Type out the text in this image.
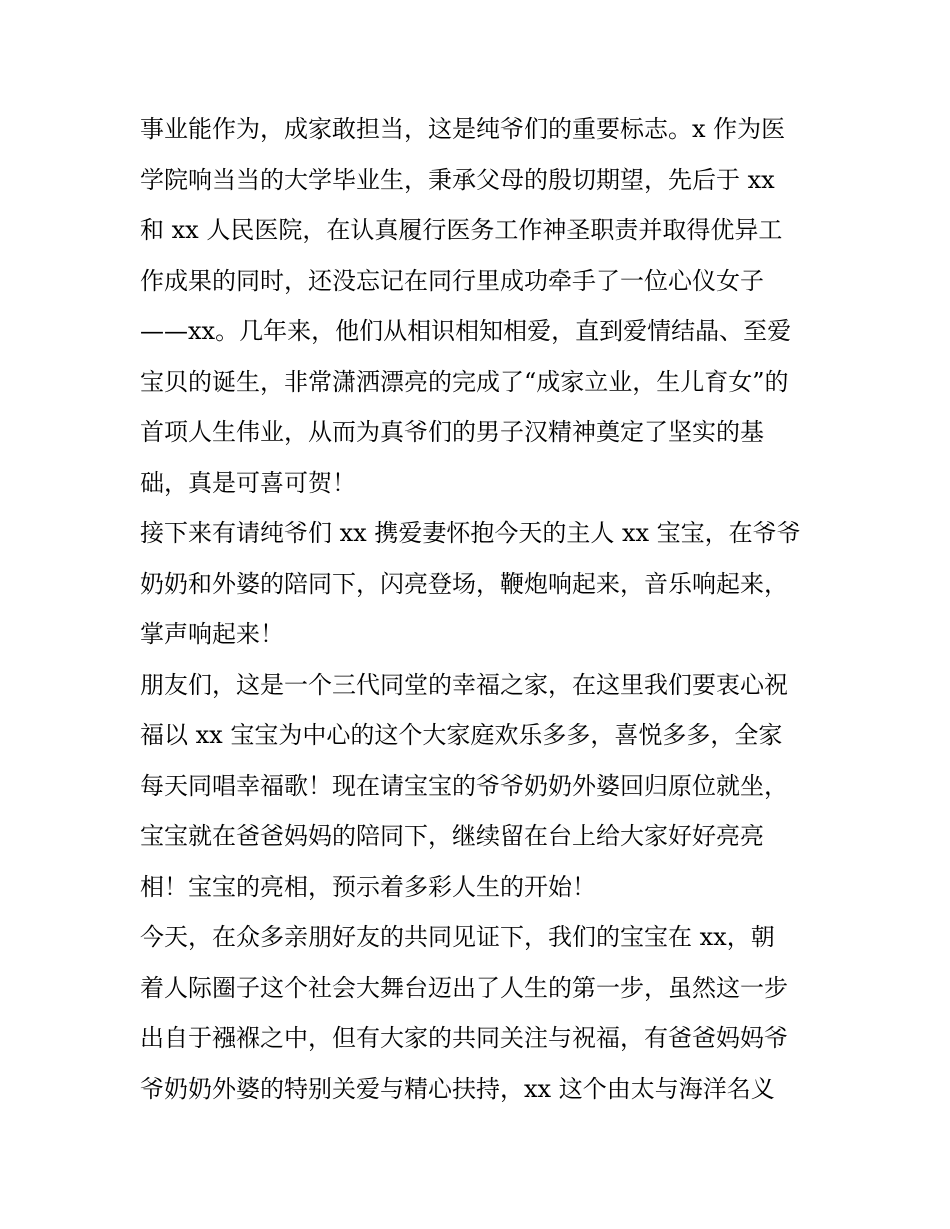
事业能作为，成家敢担当，这是纯爷们的重要标志。x 作为医
学院响当当的大学毕业生，秉承父母的殷切期望，先后于 xx
和 xx 人民医院，在认真履行医务工作神圣职责并取得优异工
作成果的同时，还没忘记在同行里成功牵手了一位心仪女子
——xx。几年来，他们从相识相知相爱，直到爱情结晶、至爱
宝贝的诞生，非常潇洒漂亮的完成了“成家立业，生儿育女”的
首项人生伟业，从而为真爷们的男子汉精神奠定了坚实的基
础，真是可喜可贺！
接下来有请纯爷们 xx 携爱妻怀抱今天的主人 xx 宝宝，在爷爷
奶奶和外婆的陪同下，闪亮登场，鞭炮响起来，音乐响起来，
掌声响起来！
朋友们，这是一个三代同堂的幸福之家，在这里我们要衷心祝
福以 xx 宝宝为中心的这个大家庭欢乐多多，喜悦多多，全家
每天同唱幸福歌！现在请宝宝的爷爷奶奶外婆回归原位就坐，
宝宝就在爸爸妈妈的陪同下，继续留在台上给大家好好亮亮
相！宝宝的亮相，预示着多彩人生的开始！
今天，在众多亲朋好友的共同见证下，我们的宝宝在 xx，朝
着人际圈子这个社会大舞台迈出了人生的第一步，虽然这一步
出自于襁褓之中，但有大家的共同关注与祝福，有爸爸妈妈爷
爷奶奶外婆的特别关爱与精心扶持，xx 这个由太与海洋名义
